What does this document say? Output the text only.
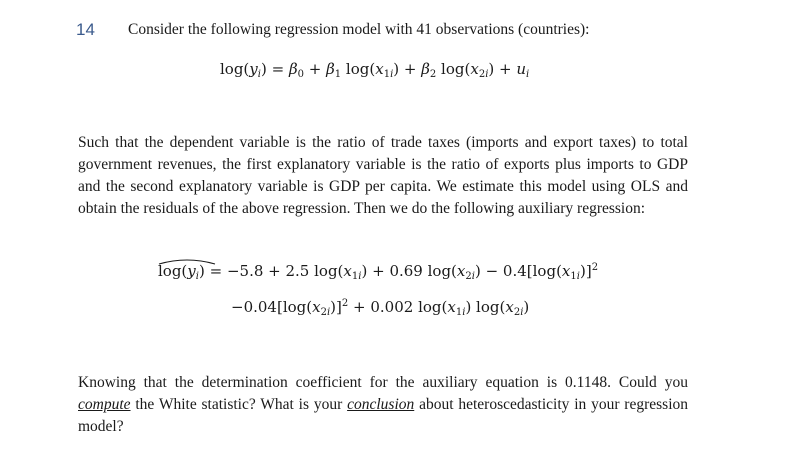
14 Consider the following regression model with 41 observations (countries):
$\log(y_i) = \beta_0 + \beta_1$ $\log(x_{1i}) + \beta_2$ $\log(x_{2i}) + u_i$
Such that the dependent variable is the ratio of trade taxes (imports and export taxes) to total government revenues, the first explanatory variable is the ratio of exports plus imports to GDP and the second explanatory variable is GDP per capita. We estimate this model using OLS and obtain the residuals of the above regression. Then we do the following auxiliary regression:
$\log(y_i) = -5.8 + 2.5$ $\log(x_{1i}) + 0.69$ $\log(x_{2i}) - 0.4[\log(x_{1i})]^2$
$-0.04[\log(x_{2i})]^2 + 0.002$ $\log(x_{1i})$ $\log(x_{2i})$
Knowing that the determination coefficient for the auxiliary equation is 0.1148. Could you compute the White statistic? What is your conclusion about heteroscedasticity in your regression model?
